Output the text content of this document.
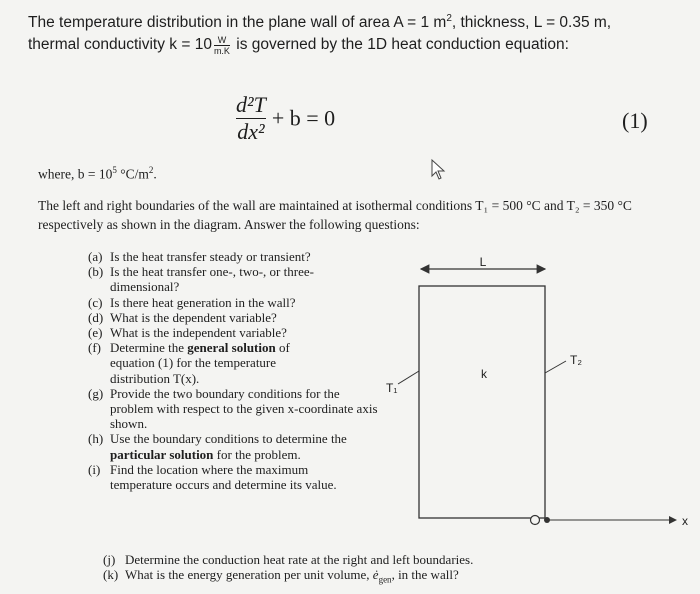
The temperature distribution in the plane wall of area A = 1 $m^2$, thickness, L = 0.35 m,
thermal conductivity $k = 10 \frac{W}{m.K}$ is governed by the 1D heat conduction equation:
$\frac{\text{d²T}}{\text{dx²}} + b = 0$	(1)
where, $b = 10^5$ $^\circ C/m^2$.
The left and right boundaries of the wall are maintained at isothermal conditions T₁ = 500 °C and T₂ = 350 °C respectively as shown in the diagram. Answer the following questions:
(a) Is the heat transfer steady or transient?
(b) Is the heat transfer one-, two-, or three-dimensional?
(c) Is there heat generation in the wall?
(d) What is the dependent variable?
(e) What is the independent variable?
(f) Determine the general solution of equation (1) for the temperature distribution T(x).
(g) Provide the two boundary conditions for the problem with respect to the given x-coordinate axis shown.
(h) Use the boundary conditions to determine the particular solution for the problem.
(i) Find the location where the maximum temperature occurs and determine its value.
(j) Determine the conduction heat rate at the right and left boundaries.
(k) What is the energy generation per unit volume, $ė_{gen}$, in the wall?
L
k
T₁
T₂
x
